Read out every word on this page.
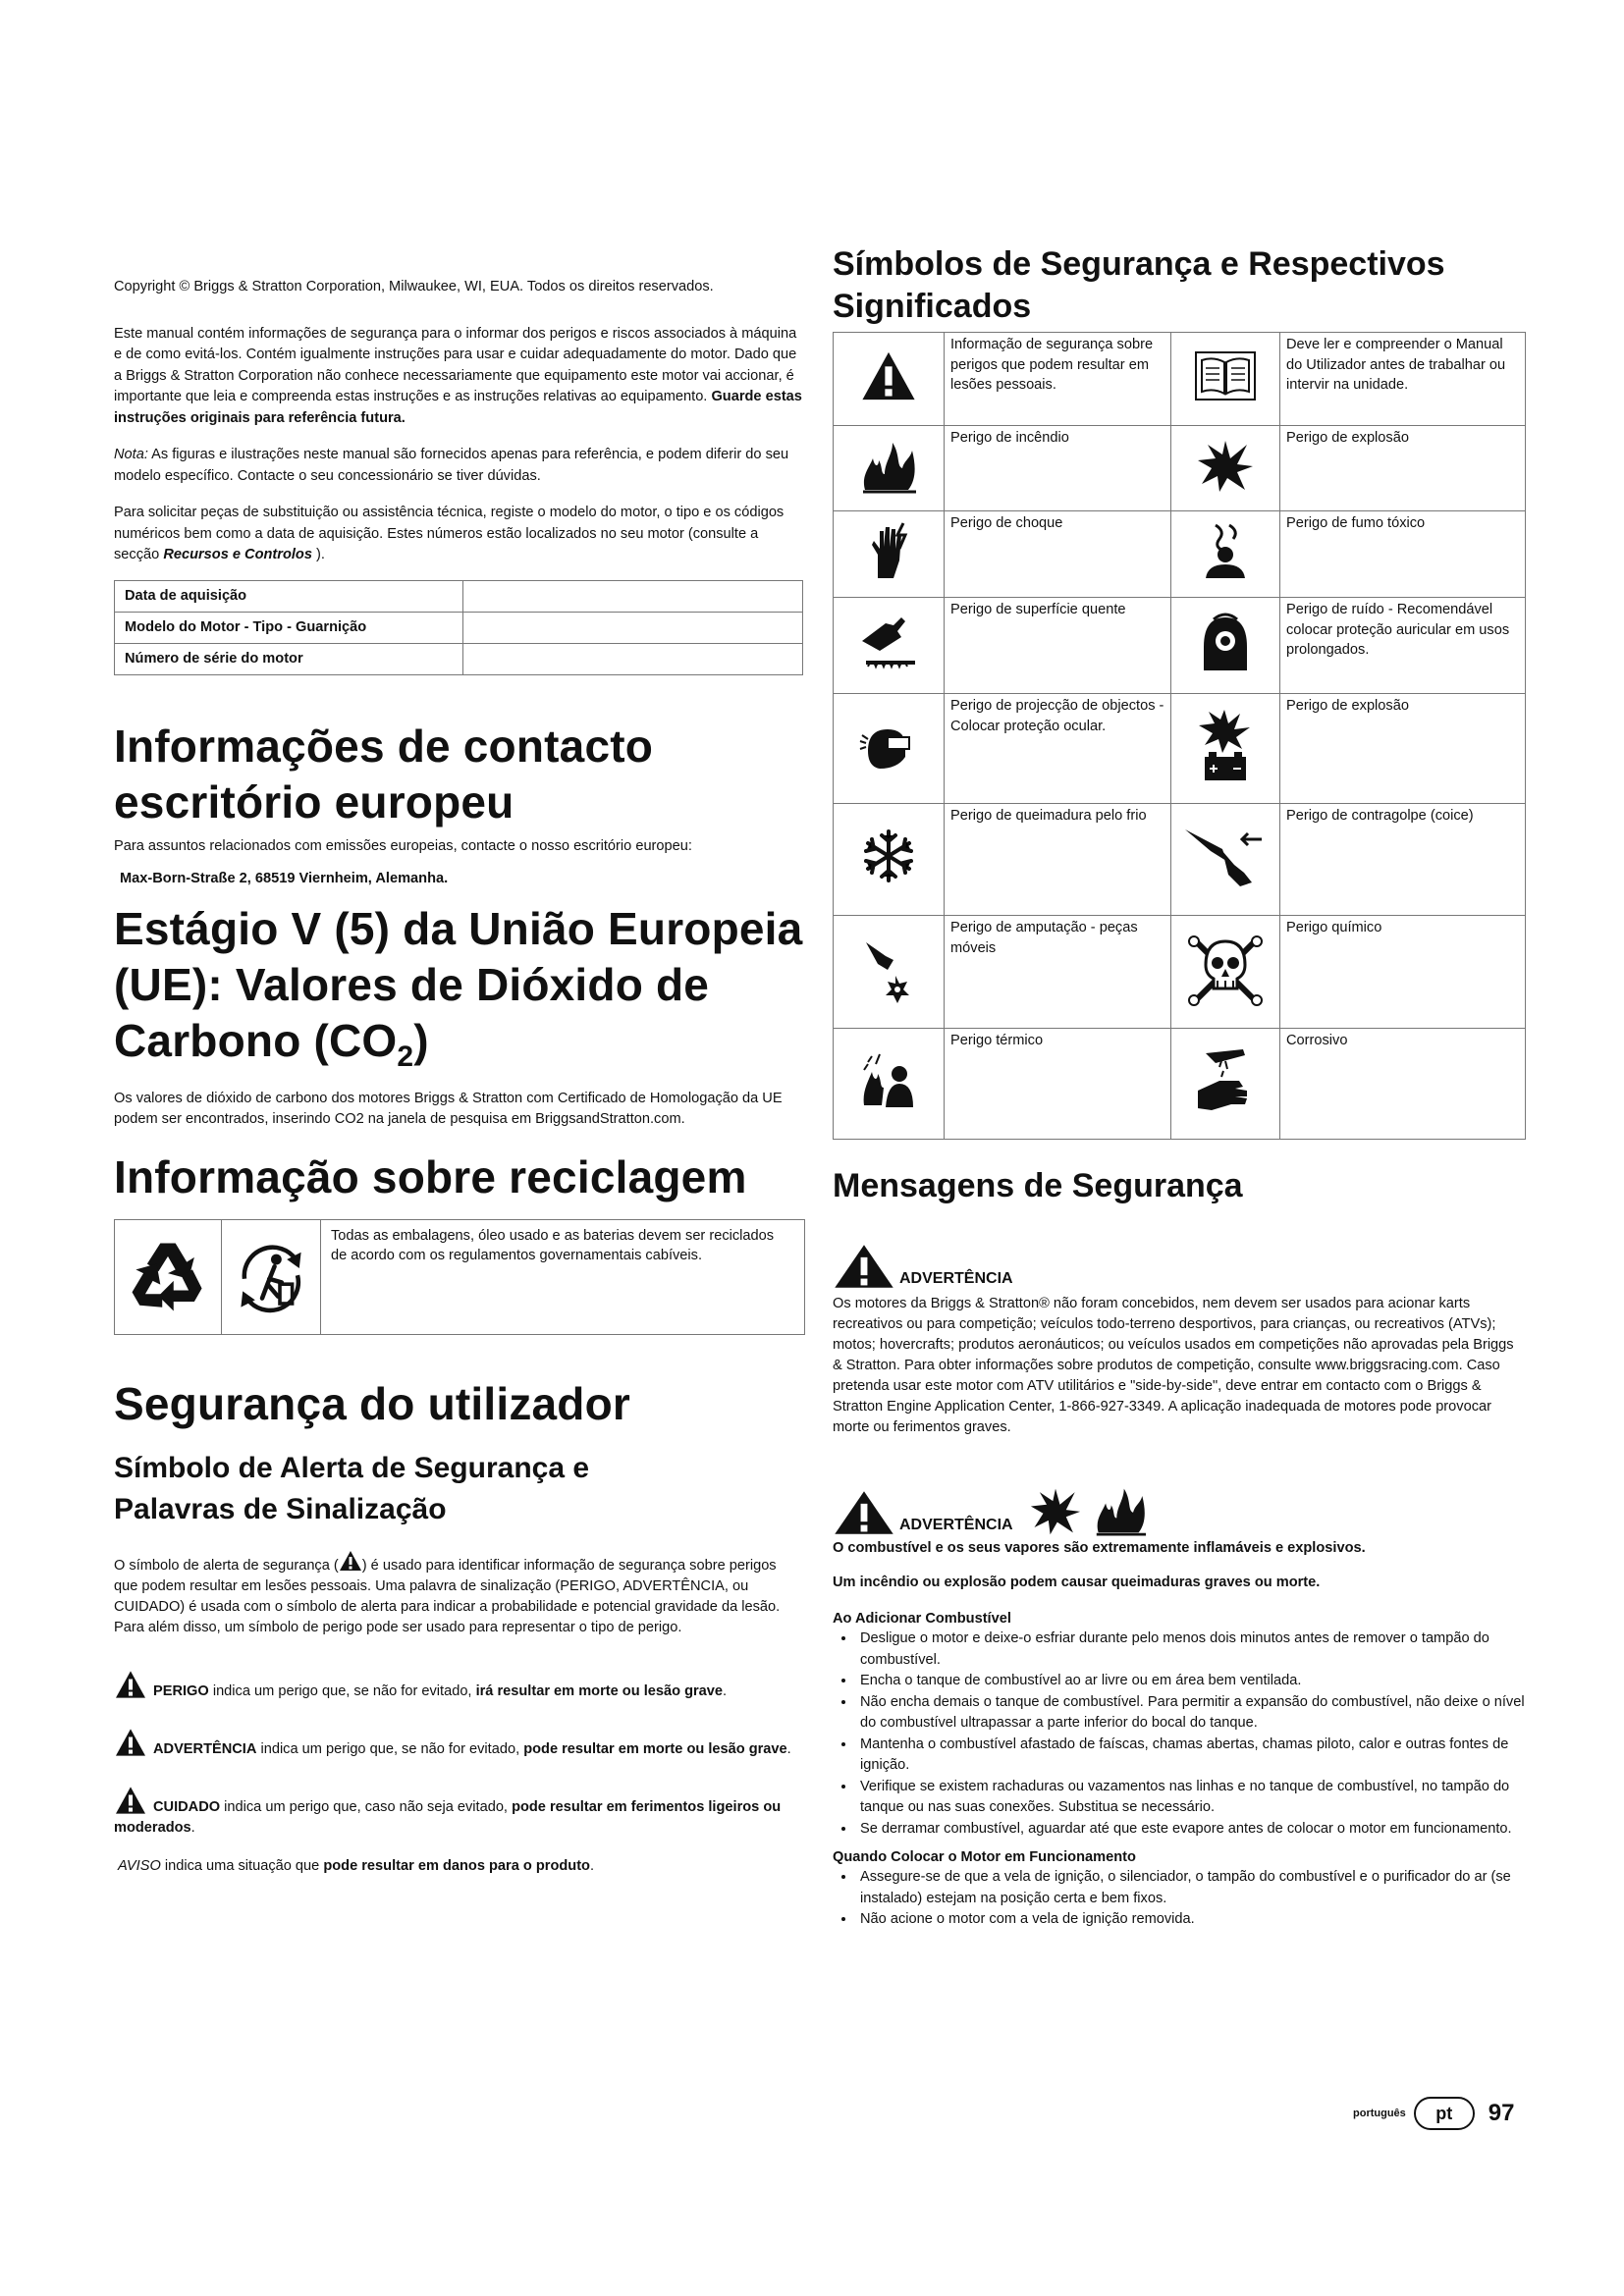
Copyright © Briggs & Stratton Corporation, Milwaukee, WI, EUA. Todos os direitos reservados.

Este manual contém informações de segurança para o informar dos perigos e riscos associados à máquina e de como evitá-los. Contém igualmente instruções para usar e cuidar adequadamente do motor. Dado que a Briggs & Stratton Corporation não conhece necessariamente que equipamento este motor vai accionar, é importante que leia e compreenda estas instruções e as instruções relativas ao equipamento. Guarde estas instruções originais para referência futura.

Nota: As figuras e ilustrações neste manual são fornecidos apenas para referência, e podem diferir do seu modelo específico. Contacte o seu concessionário se tiver dúvidas.

Para solicitar peças de substituição ou assistência técnica, registe o modelo do motor, o tipo e os códigos numéricos bem como a data de aquisição. Estes números estão localizados no seu motor (consulte a secção Recursos e Controlos ).

Data de aquisição	
Modelo do Motor - Tipo - Guarnição	
Número de série do motor	
Informações de contacto escritório europeu

Para assuntos relacionados com emissões europeias, contacte o nosso escritório europeu:

Max-Born-Straße 2, 68519 Viernheim, Alemanha.

Estágio V (5) da União Europeia (UE): Valores de Dióxido de Carbono $(CO_2)$

Os valores de dióxido de carbono dos motores Briggs & Stratton com Certificado de Homologação da UE podem ser encontrados, inserindo CO2 na janela de pesquisa em BriggsandStratton.com.

Informação sobre reciclagem
Todas as embalagens, óleo usado e as baterias devem ser reciclados de acordo com os regulamentos governamentais cabíveis.
Segurança do utilizador
Símbolo de Alerta de Segurança e Palavras de Sinalização

O símbolo de alerta de segurança ( ) é usado para identificar informação de segurança sobre perigos que podem resultar em lesões pessoais. Uma palavra de sinalização (PERIGO, ADVERTÊNCIA, ou CUIDADO) é usada com o símbolo de alerta para indicar a probabilidade e potencial gravidade da lesão. Para além disso, um símbolo de perigo pode ser usado para representar o tipo de perigo.

PERIGO indica um perigo que, se não for evitado, irá resultar em morte ou lesão grave.

ADVERTÊNCIA indica um perigo que, se não for evitado, pode resultar em morte ou lesão grave.

CUIDADO indica um perigo que, caso não seja evitado, pode resultar em ferimentos ligeiros ou moderados.

AVISO indica uma situação que pode resultar em danos para o produto.

Símbolos de Segurança e Respectivos Significados
	Informação de segurança sobre perigos que podem resultar em lesões pessoais.		Deve ler e compreender o Manual do Utilizador antes de trabalhar ou intervir na unidade.
	Perigo de incêndio		Perigo de explosão
	Perigo de choque		Perigo de fumo tóxico
	Perigo de superfície quente		Perigo de ruído - Recomendável colocar proteção auricular em usos prolongados.
	Perigo de projecção de objectos - Colocar proteção ocular.		Perigo de explosão
	Perigo de queimadura pelo frio		Perigo de contragolpe (coice)
	Perigo de amputação - peças móveis		Perigo químico
	Perigo térmico		Corrosivo
Mensagens de Segurança
ADVERTÊNCIA

Os motores da Briggs & Stratton® não foram concebidos, nem devem ser usados para acionar karts recreativos ou para competição; veículos todo-terreno desportivos, para crianças, ou recreativos (ATVs); motos; hovercrafts; produtos aeronáuticos; ou veículos usados em competições não aprovadas pela Briggs & Stratton. Para obter informações sobre produtos de competição, consulte www.briggsracing.com. Caso pretenda usar este motor com ATV utilitários e "side-by-side", deve entrar em contacto com o Briggs & Stratton Engine Application Center, 1-866-927-3349. A aplicação inadequada de motores pode provocar morte ou ferimentos graves.

ADVERTÊNCIA

O combustível e os seus vapores são extremamente inflamáveis e explosivos.

Um incêndio ou explosão podem causar queimaduras graves ou morte.

Ao Adicionar Combustível

• Desligue o motor e deixe-o esfriar durante pelo menos dois minutos antes de remover o tampão do combustível.
• Encha o tanque de combustível ao ar livre ou em área bem ventilada.
• Não encha demais o tanque de combustível. Para permitir a expansão do combustível, não deixe o nível do combustível ultrapassar a parte inferior do bocal do tanque.
• Mantenha o combustível afastado de faíscas, chamas abertas, chamas piloto, calor e outras fontes de ignição.
• Verifique se existem rachaduras ou vazamentos nas linhas e no tanque de combustível, no tampão do tanque ou nas suas conexões. Substitua se necessário.
• Se derramar combustível, aguardar até que este evapore antes de colocar o motor em funcionamento.

Quando Colocar o Motor em Funcionamento

• Assegure-se de que a vela de ignição, o silenciador, o tampão do combustível e o purificador do ar (se instalado) estejam na posição certa e bem fixos.
• Não acione o motor com a vela de ignição removida.
português pt 97
